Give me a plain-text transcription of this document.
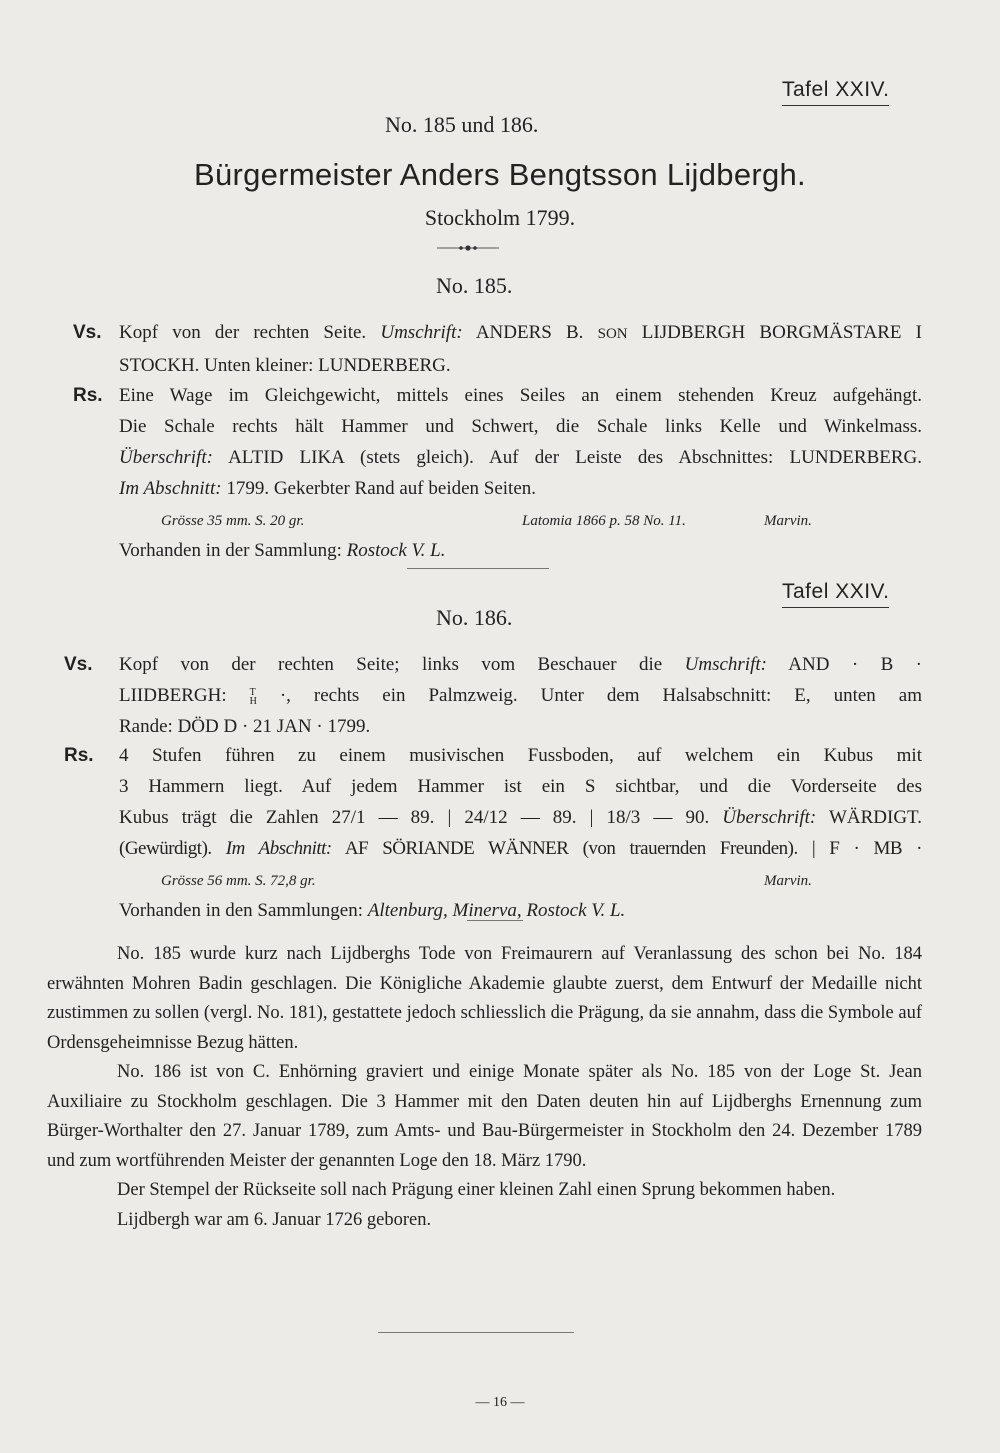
Tafel XXIV.
No. 185 und 186.
Bürgermeister Anders Bengtsson Lijdbergh.
Stockholm 1799.
No. 185.
Vs. Kopf von der rechten Seite. Umschrift: ANDERS B. SON LIJDBERGH BORGMÄSTARE I

STOCKH. Unten kleiner: LUNDERBERG.

Rs. Eine Wage im Gleichgewicht, mittels eines Seiles an einem stehenden Kreuz aufgehängt.

Die Schale rechts hält Hammer und Schwert, die Schale links Kelle und Winkelmass.

Überschrift: ALTID LIKA (stets gleich). Auf der Leiste des Abschnittes: LUNDERBERG.

Im Abschnitt: 1799. Gekerbter Rand auf beiden Seiten.

Grösse 35 mm. S. 20 gr.	Latomia 1866 p. 58 No. 11.	Marvin.

Vorhanden in der Sammlung: Rostock V. L.

Tafel XXIV.
No. 186.
Vs. Kopf von der rechten Seite; links vom Beschauer die Umschrift: AND · B ·

LIIDBERGH: T
H ·, rechts ein Palmzweig. Unter dem Halsabschnitt: E, unten am

Rande: DÖD D · 21 JAN · 1799.

Rs. 4 Stufen führen zu einem musivischen Fussboden, auf welchem ein Kubus mit

3 Hammern liegt. Auf jedem Hammer ist ein S sichtbar, und die Vorderseite des

Kubus trägt die Zahlen 27/1 — 89. | 24/12 — 89. | 18/3 — 90. Überschrift: WÄRDIGT.

(Gewürdigt). Im Abschnitt: AF SÖRIANDE WÄNNER (von trauernden Freunden). | F · MB ·

Grösse 56 mm. S. 72,8 gr.	Marvin.

Vorhanden in den Sammlungen: Altenburg, Minerva, Rostock V. L.

No. 185 wurde kurz nach Lijdberghs Tode von Freimaurern auf Veranlassung des schon bei No. 184 erwähnten Mohren Badin geschlagen. Die Königliche Akademie glaubte zuerst, dem Entwurf der Medaille nicht zustimmen zu sollen (vergl. No. 181), gestattete jedoch schliesslich die Prägung, da sie annahm, dass die Symbole auf Ordensgeheimnisse Bezug hätten.

No. 186 ist von C. Enhörning graviert und einige Monate später als No. 185 von der Loge St. Jean Auxiliaire zu Stockholm geschlagen. Die 3 Hammer mit den Daten deuten hin auf Lijdberghs Ernennung zum Bürger-Worthalter den 27. Januar 1789, zum Amts- und Bau-Bürgermeister in Stockholm den 24. Dezember 1789 und zum wortführenden Meister der genannten Loge den 18. März 1790.

Der Stempel der Rückseite soll nach Prägung einer kleinen Zahl einen Sprung bekommen haben.

Lijdbergh war am 6. Januar 1726 geboren.

— 16 —
